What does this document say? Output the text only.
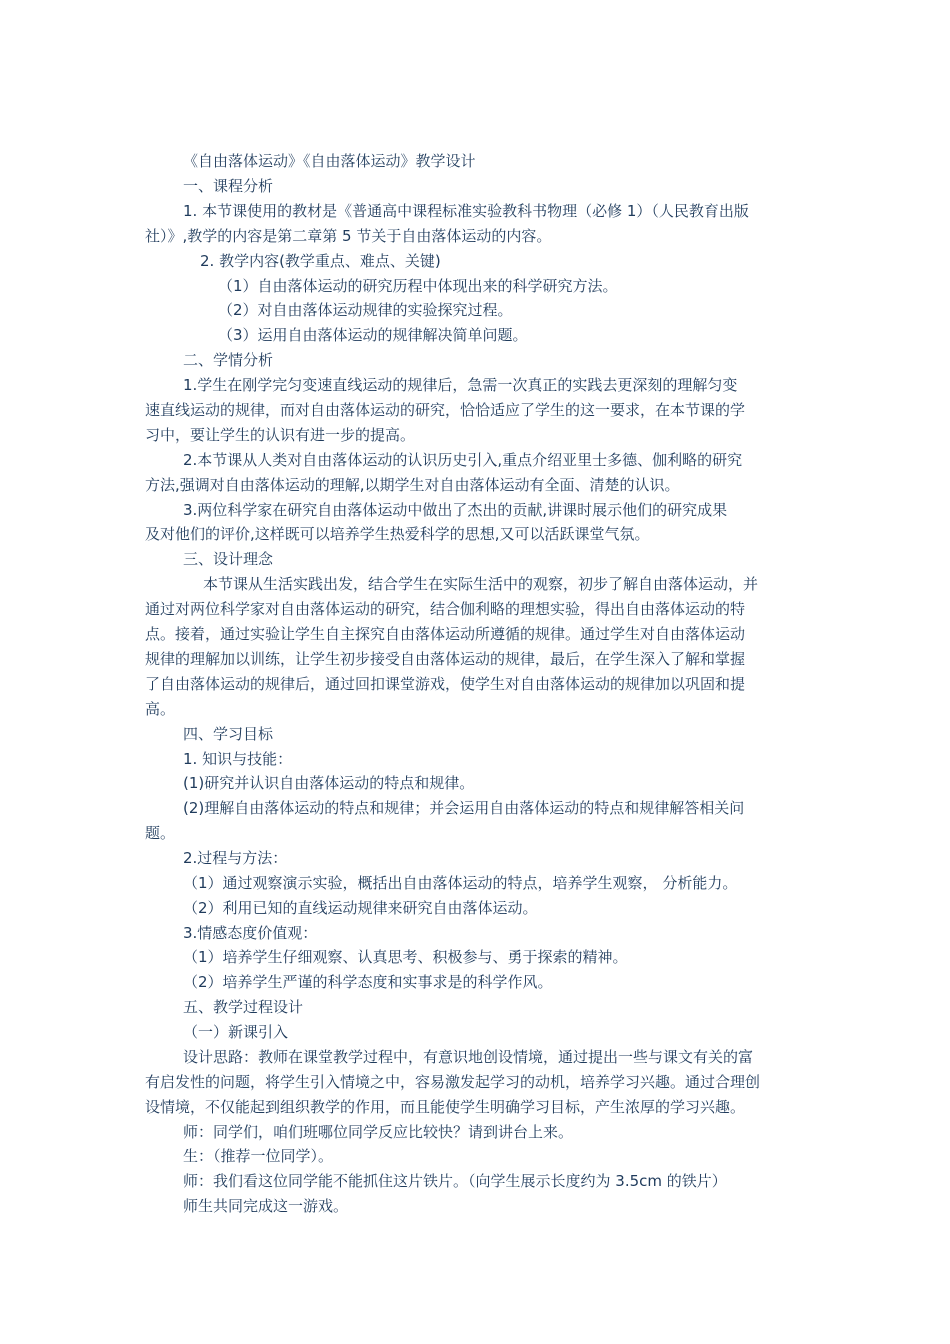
《自由落体运动》《自由落体运动》教学设计
一、课程分析
1. 本节课使用的教材是《普通高中课程标准实验教科书物理（必修 1）（人民教育出版
社）》,教学的内容是第二章第 5 节关于自由落体运动的内容。
2. 教学内容(教学重点、难点、关键)
（1）自由落体运动的研究历程中体现出来的科学研究方法。
（2）对自由落体运动规律的实验探究过程。
（3）运用自由落体运动的规律解决简单问题。
二、学情分析
1.学生在刚学完匀变速直线运动的规律后，急需一次真正的实践去更深刻的理解匀变
速直线运动的规律，而对自由落体运动的研究，恰恰适应了学生的这一要求，在本节课的学
习中，要让学生的认识有进一步的提高。
2.本节课从人类对自由落体运动的认识历史引入,重点介绍亚里士多德、伽利略的研究
方法,强调对自由落体运动的理解,以期学生对自由落体运动有全面、清楚的认识。
3.两位科学家在研究自由落体运动中做出了杰出的贡献,讲课时展示他们的研究成果
及对他们的评价,这样既可以培养学生热爱科学的思想,又可以活跃课堂气氛。
三、设计理念
本节课从生活实践出发，结合学生在实际生活中的观察，初步了解自由落体运动，并
通过对两位科学家对自由落体运动的研究，结合伽利略的理想实验，得出自由落体运动的特
点。接着，通过实验让学生自主探究自由落体运动所遵循的规律。通过学生对自由落体运动
规律的理解加以训练，让学生初步接受自由落体运动的规律，最后，在学生深入了解和掌握
了自由落体运动的规律后，通过回扣课堂游戏，使学生对自由落体运动的规律加以巩固和提
高。
四、学习目标
1. 知识与技能：
(1)研究并认识自由落体运动的特点和规律。
(2)理解自由落体运动的特点和规律；并会运用自由落体运动的特点和规律解答相关问
题。
2.过程与方法：
（1）通过观察演示实验，概括出自由落体运动的特点，培养学生观察， 分析能力。
（2）利用已知的直线运动规律来研究自由落体运动。
3.情感态度价值观：
（1）培养学生仔细观察、认真思考、积极参与、勇于探索的精神。
（2）培养学生严谨的科学态度和实事求是的科学作风。
五、教学过程设计
（一）新课引入
设计思路：教师在课堂教学过程中，有意识地创设情境，通过提出一些与课文有关的富
有启发性的问题，将学生引入情境之中，容易激发起学习的动机，培养学习兴趣。通过合理创
设情境，不仅能起到组织教学的作用，而且能使学生明确学习目标，产生浓厚的学习兴趣。
师：同学们，咱们班哪位同学反应比较快？请到讲台上来。
生：（推荐一位同学）。
师：我们看这位同学能不能抓住这片铁片。（向学生展示长度约为 3.5cm 的铁片）
师生共同完成这一游戏。
